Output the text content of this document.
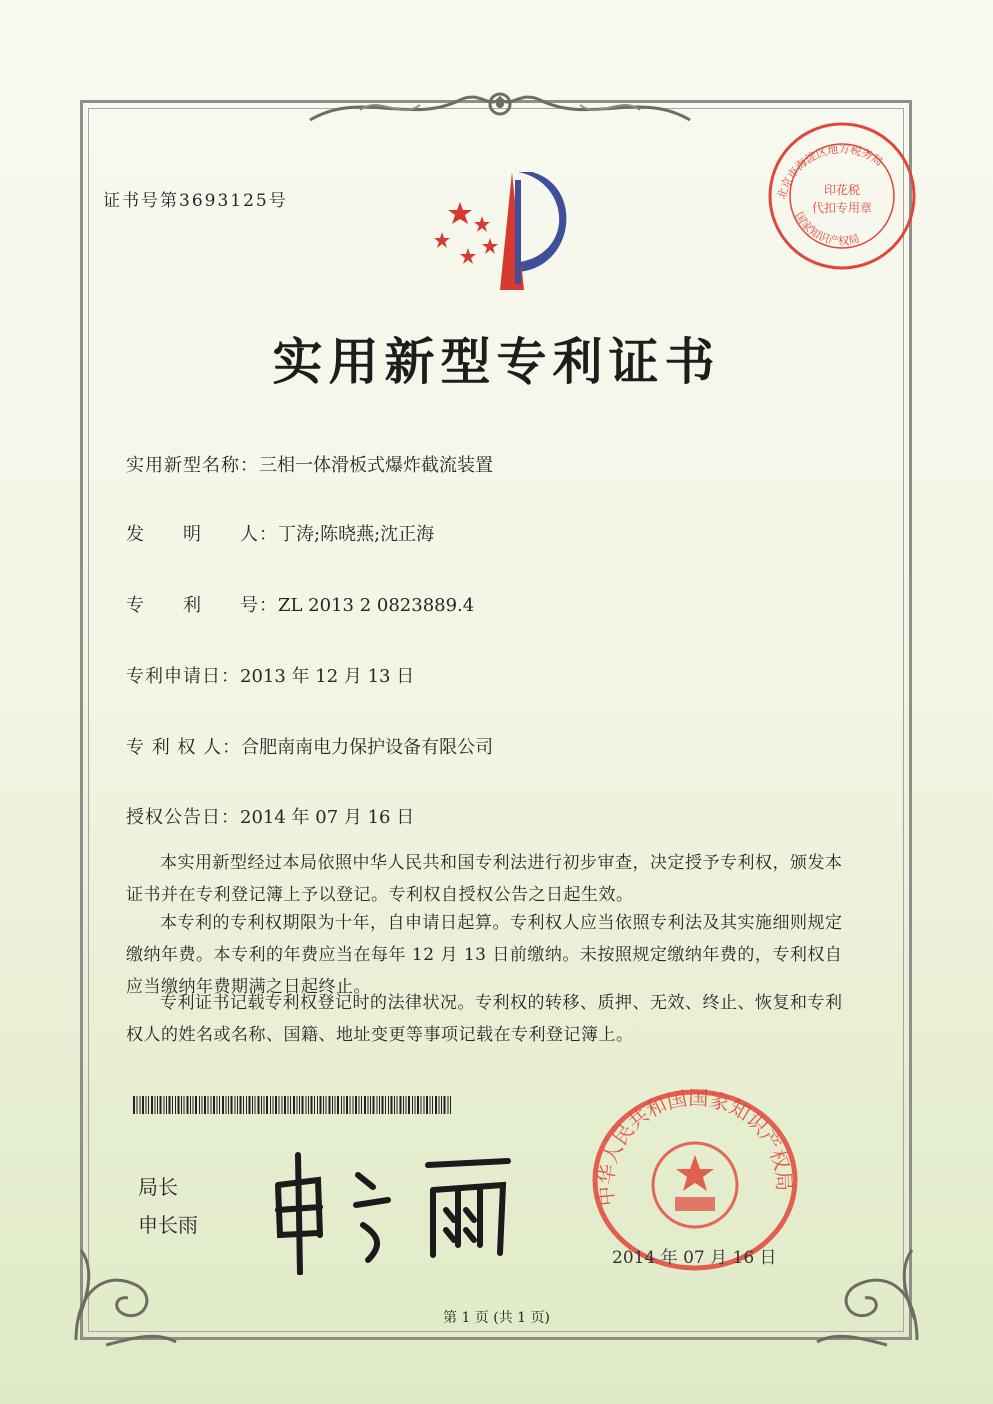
证书号第3693125号
实用新型专利证书
实用新型名称：三相一体滑板式爆炸截流装置
发　　明　　人：丁涛;陈晓燕;沈正海
专　　利　　号：ZL 2013 2 0823889.4
专利申请日：2013 年 12 月 13 日
专 利 权 人：合肥南南电力保护设备有限公司
授权公告日：2014 年 07 月 16 日

本实用新型经过本局依照中华人民共和国专利法进行初步审查，决定授予专利权，颁发本证书并在专利登记簿上予以登记。专利权自授权公告之日起生效。

本专利的专利权期限为十年，自申请日起算。专利权人应当依照专利法及其实施细则规定缴纳年费。本专利的年费应当在每年 12 月 13 日前缴纳。未按照规定缴纳年费的，专利权自应当缴纳年费期满之日起终止。

专利证书记载专利权登记时的法律状况。专利权的转移、质押、无效、终止、恢复和专利权人的姓名或名称、国籍、地址变更等事项记载在专利登记簿上。

局长
申长雨
中华人民共和国国家知识产权局
2014 年 07 月 16 日
北京市海淀区地方税务局
国家知识产权局
印花税
代扣专用章
第 1 页 (共 1 页)
